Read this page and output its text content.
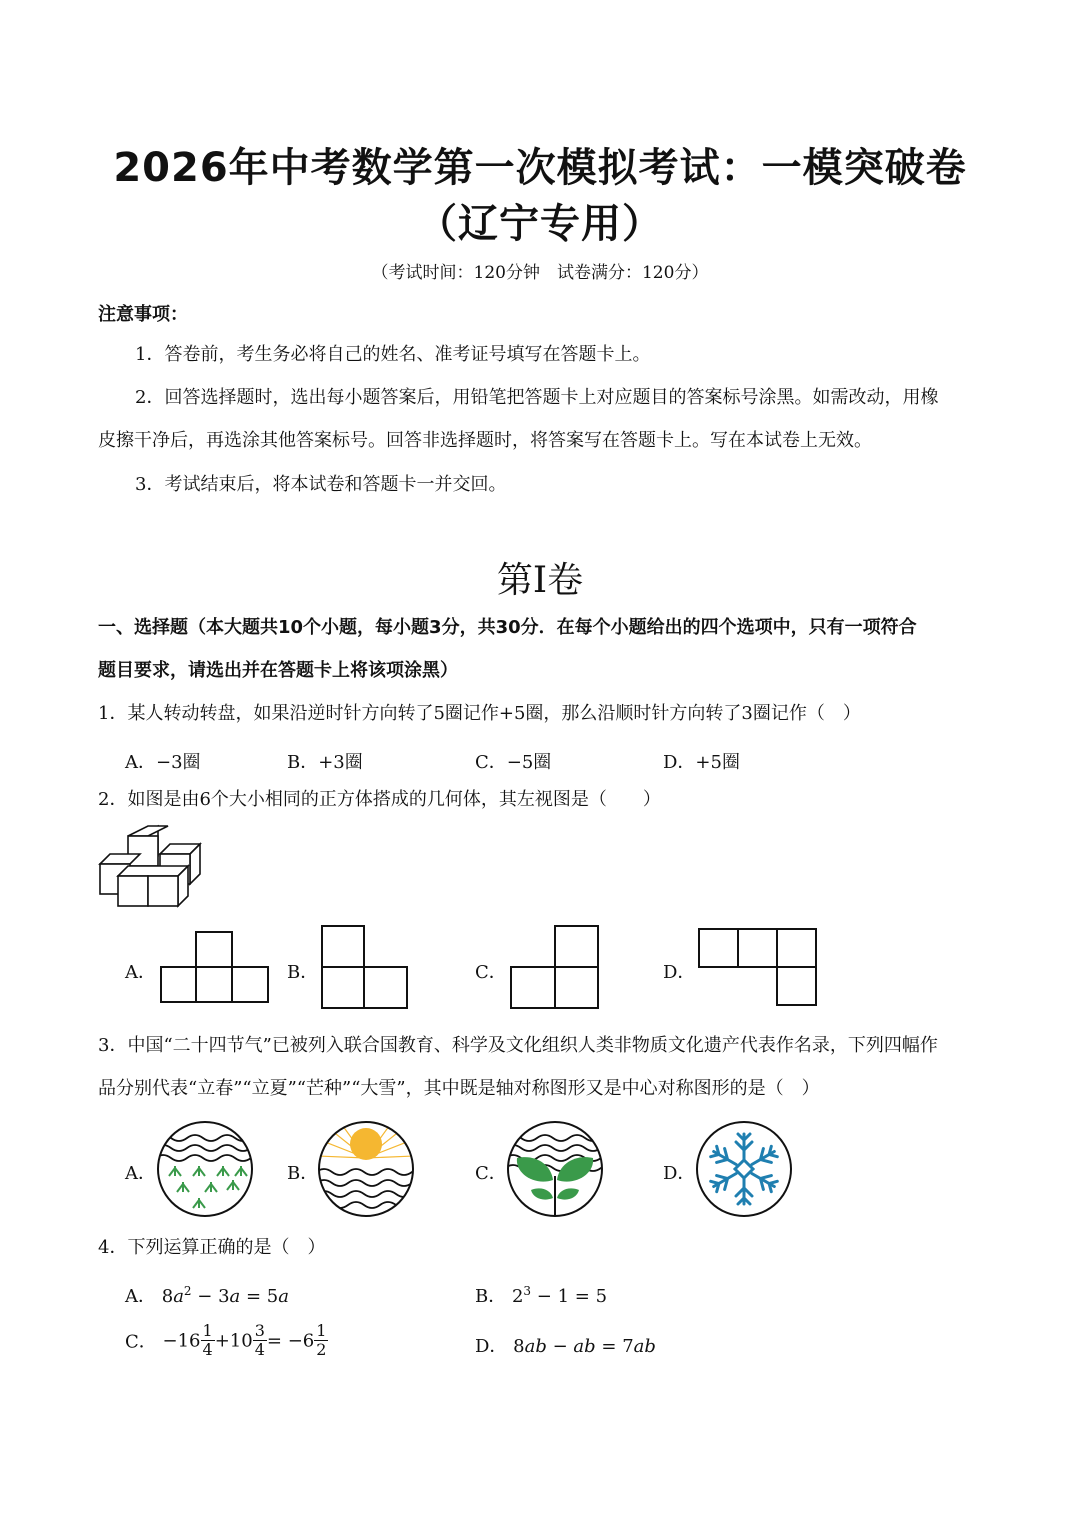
2026年中考数学第一次模拟考试：一模突破卷
（辽宁专用）
（考试时间：120分钟　试卷满分：120分）
注意事项：
1．答卷前，考生务必将自己的姓名、准考证号填写在答题卡上。
2．回答选择题时，选出每小题答案后，用铅笔把答题卡上对应题目的答案标号涂黑。如需改动，用橡
皮擦干净后，再选涂其他答案标号。回答非选择题时，将答案写在答题卡上。写在本试卷上无效。
3．考试结束后，将本试卷和答题卡一并交回。
第I卷
一、选择题（本大题共10个小题，每小题3分，共30分．在每个小题给出的四个选项中，只有一项符合
题目要求，请选出并在答题卡上将该项涂黑）
1．某人转动转盘，如果沿逆时针方向转了5圈记作+5圈，那么沿顺时针方向转了3圈记作（　）
A．−3圈	B．+3圈	C．−5圈	D．+5圈
2．如图是由6个大小相同的正方体搭成的几何体，其左视图是（　　）
A．	B．	C．	D．
3．中国“二十四节气”已被列入联合国教育、科学及文化组织人类非物质文化遗产代表作名录，下列四幅作
品分别代表“立春”“立夏”“芒种”“大雪”，其中既是轴对称图形又是中心对称图形的是（　）
A．	B．	C．	D．
4．下列运算正确的是（　）
A． $8a^2 - 3a = 5a$	B． $2^3 - 1 = 5$
C． $-16 \frac{1}{4} +10 \frac{3}{4} = -6 \frac{1}{2}$	D． 8ab − ab = 7ab
